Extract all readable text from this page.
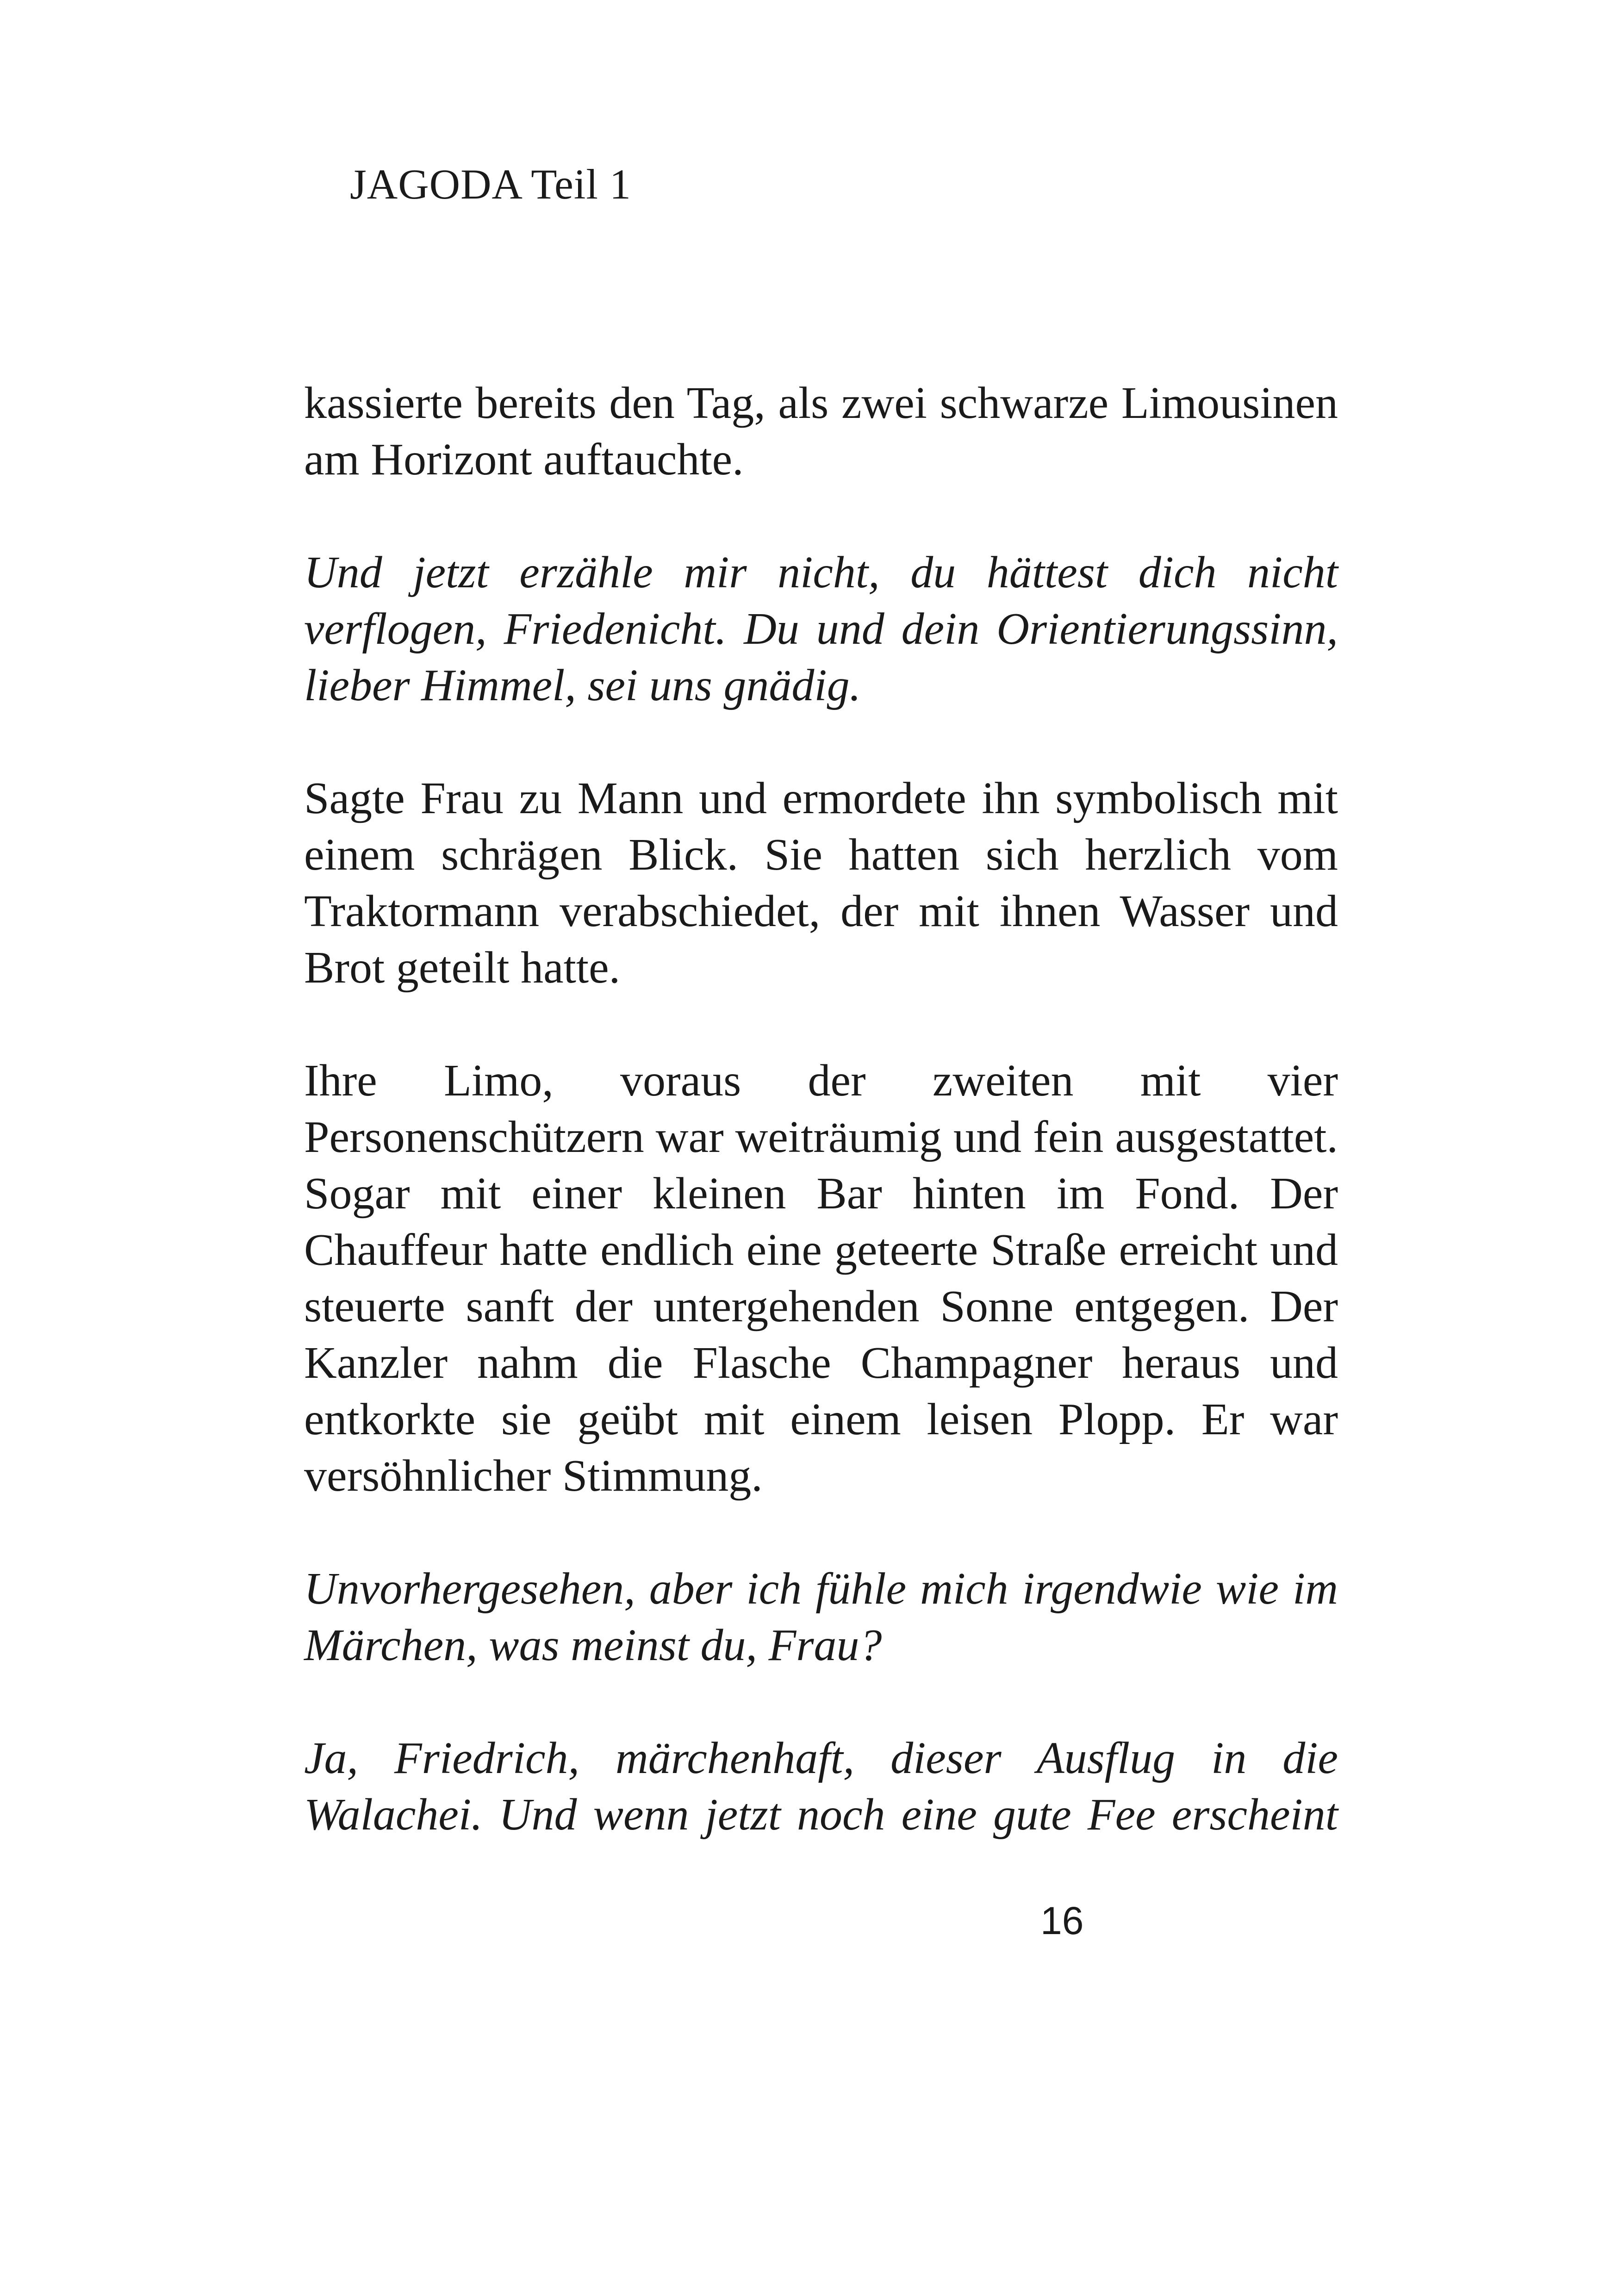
JAGODA Teil 1

kassierte bereits den Tag, als zwei schwarze Limousinen am Horizont auftauchte.

Und jetzt erzähle mir nicht, du hättest dich nicht verflogen, Friedenicht. Du und dein Orientierungssinn, lieber Himmel, sei uns gnädig.

Sagte Frau zu Mann und ermordete ihn symbolisch mit einem schrägen Blick. Sie hatten sich herzlich vom Traktormann verabschiedet, der mit ihnen Wasser und Brot geteilt hatte.

Ihre Limo, voraus der zweiten mit vier Personenschützern war weiträumig und fein ausgestattet. Sogar mit einer kleinen Bar hinten im Fond. Der Chauffeur hatte endlich eine geteerte Straße erreicht und steuerte sanft der untergehenden Sonne entgegen. Der Kanzler nahm die Flasche Champagner heraus und entkorkte sie geübt mit einem leisen Plopp. Er war versöhnlicher Stimmung.

Unvorhergesehen, aber ich fühle mich irgendwie wie im Märchen, was meinst du, Frau?

Ja, Friedrich, märchenhaft, dieser Ausflug in die Walachei. Und wenn jetzt noch eine gute Fee erscheint

16
